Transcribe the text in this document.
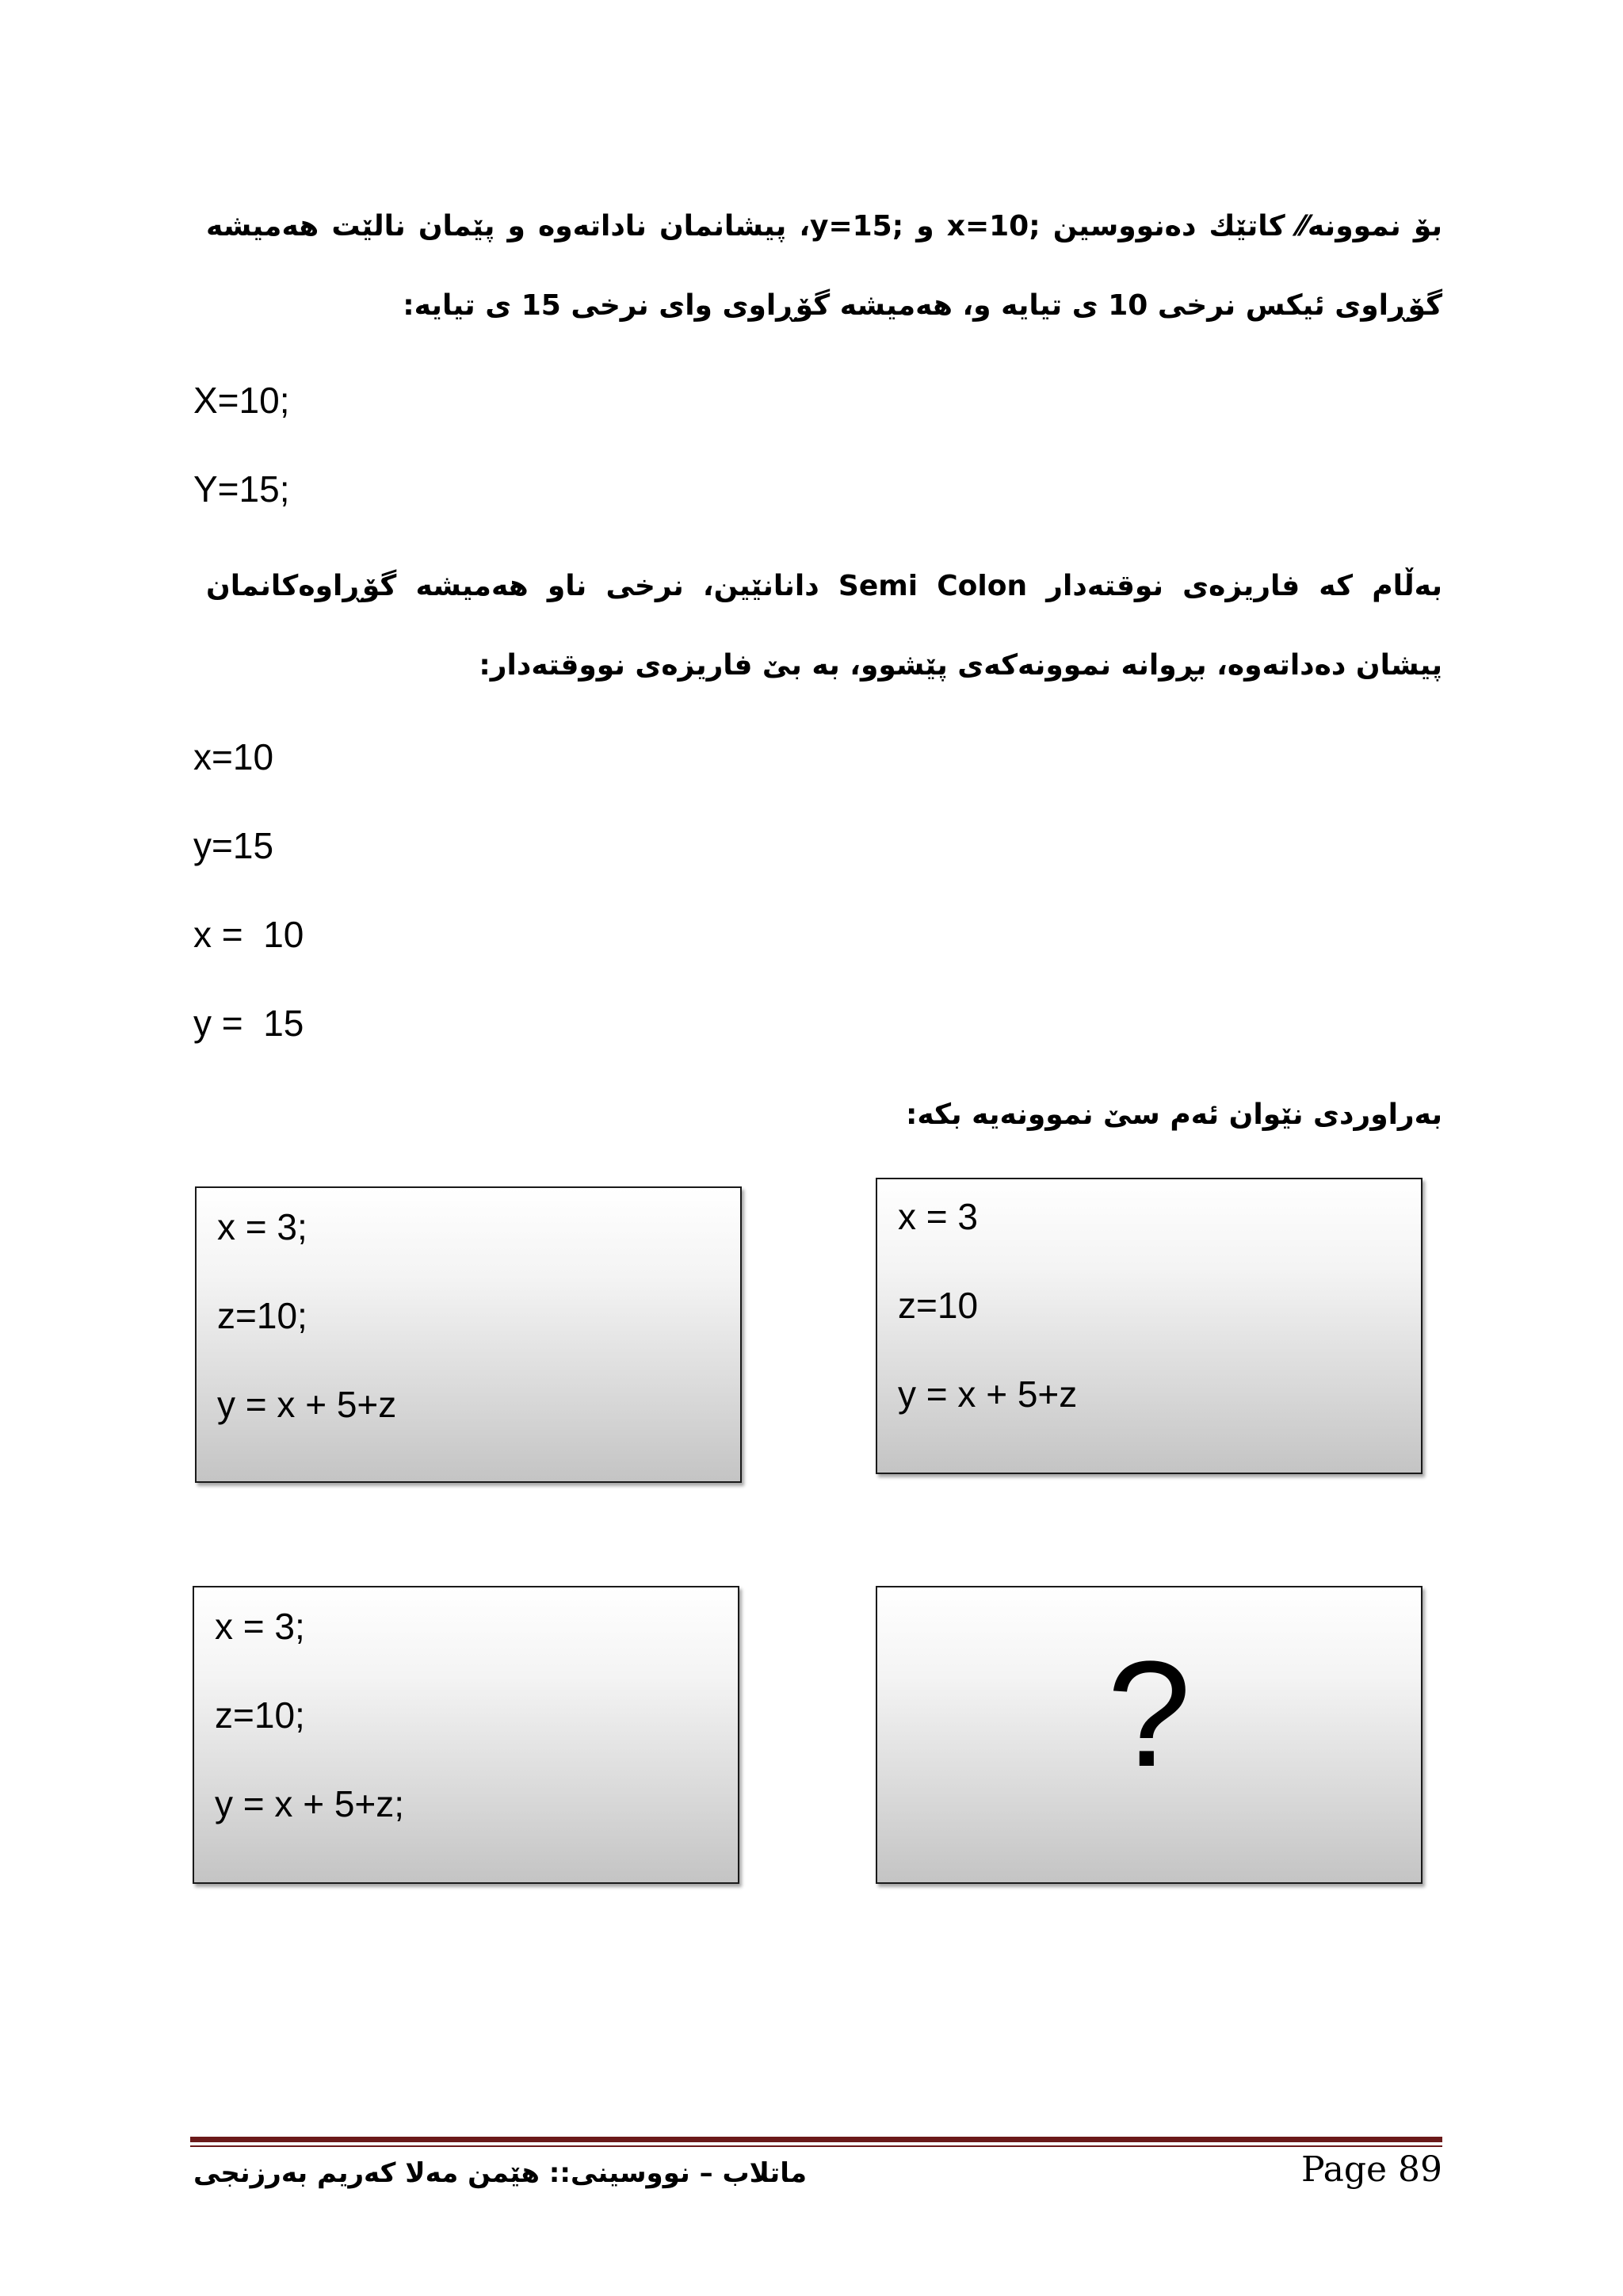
بۆ نموونە⁄⁄ کاتێك دەنووسین ;x=10 و ;y=15، پیشانمان ناداتەوە و پێمان نالێت هەمیشە گۆڕاوی ئیکس نرخی 10 ی تیایە و، هەمیشە گۆڕاوی وای نرخی 15 ی تیایە:
X=10;
Y=15;
بەڵام کە فاریزەی نوقتەدار Semi Colon دانانێین، نرخی ناو هەمیشە گۆڕاوەکانمان پیشان دەداتەوە، بڕوانە نموونەکەی پێشوو، بە بێ فاریزەی نووقتەدار:
x=10
y=15
x =  10
y =  15
بەراوردی نێوان ئەم سێ نموونەیە بکە:
x = 3;
z=10;
y = x + 5+z
x = 3
z=10
y = x + 5+z
x = 3;
z=10;
y = x + 5+z;
?
ماتلاب – نووسینی:: هێمن مەلا کەریم بەرزنجی	Page 89
